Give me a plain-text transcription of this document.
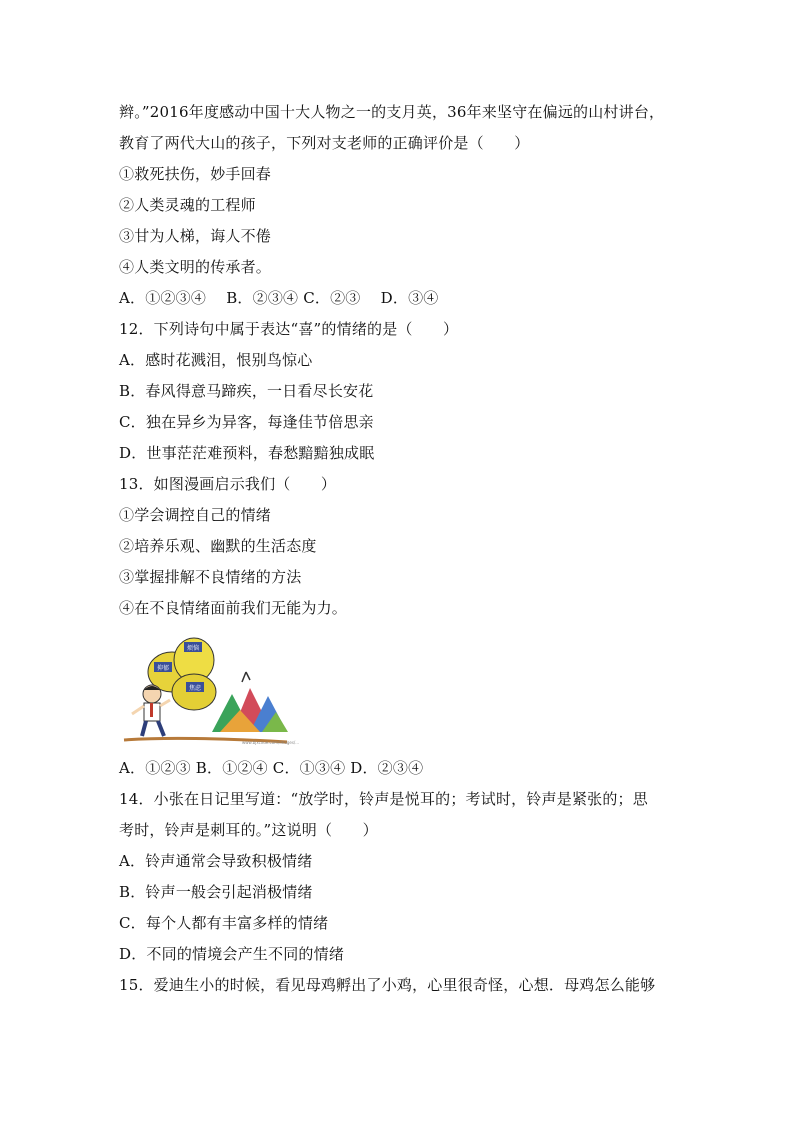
辫。”2016年度感动中国十大人物之一的支月英，36年来坚守在偏远的山村讲台，
教育了两代大山的孩子，下列对支老师的正确评价是（　　）
①救死扶伤，妙手回春
②人类灵魂的工程师
③甘为人梯，诲人不倦
④人类文明的传承者。
A．①②③④　 B．②③④ C．②③　 D．③④
12．下列诗句中属于表达“喜”的情绪的是（　　）
A．感时花溅泪，恨别鸟惊心
B．春风得意马蹄疾，一日看尽长安花
C．独在异乡为异客，每逢佳节倍思亲
D．世事茫茫难预料，春愁黯黯独成眠
13．如图漫画启示我们（　　）
①学会调控自己的情绪
②培养乐观、幽默的生活态度
③掌握排解不良情绪的方法
④在不良情绪面前我们无能为力。
烦恼
焦虑
抑郁
www.bjxcxue.com/images/...
A．①②③ B．①②④ C．①③④ D．②③④
14．小张在日记里写道：“放学时，铃声是悦耳的；考试时，铃声是紧张的；思
考时，铃声是刺耳的。”这说明（　　）
A．铃声通常会导致积极情绪
B．铃声一般会引起消极情绪
C．每个人都有丰富多样的情绪
D．不同的情境会产生不同的情绪
15．爱迪生小的时候，看见母鸡孵出了小鸡，心里很奇怪，心想．母鸡怎么能够
